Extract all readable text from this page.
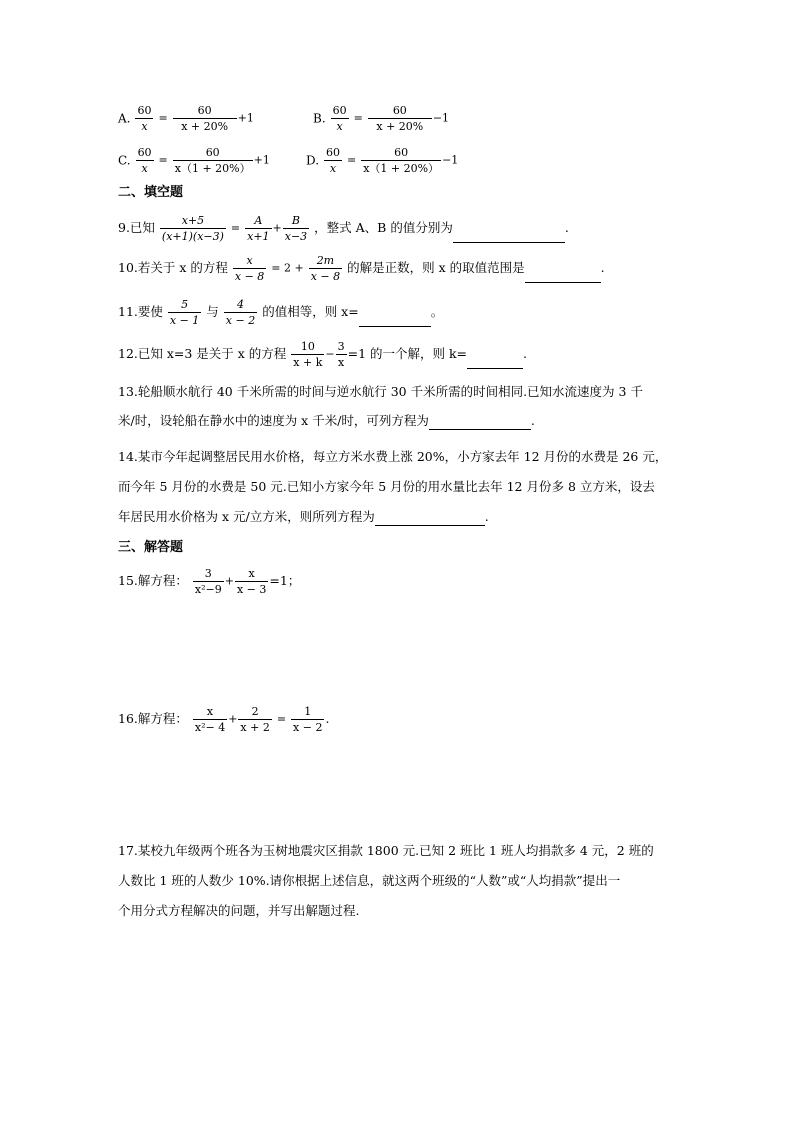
A. $\frac{60}{x} = \frac{60}{x + 20\%} +1$	B. $\frac{60}{x} = \frac{60}{x + 20\%} -1$
C. $\frac{60}{x} = \frac{60}{x(1 + 20\%)} +1$	D. $\frac{60}{x} = \frac{60}{x(1 + 20\%)} -1$
二、填空题
9.已知 $\frac{x+5}{(x+1)(x-3)} = \frac{A}{x+1} + \frac{B}{x-3}$ ，整式 A、B 的值分别为	.
10.若关于 x 的方程 $\frac{x}{x - 8} = 2 + \frac{2m}{x - 8}$ 的解是正数，则 x 的取值范围是	.
11.要使 $\frac{5}{x - 1}$ 与 $\frac{4}{x - 2}$ 的值相等，则 x=	。
12.已知 x=3 是关于 x 的方程 $\frac{10}{x + k} - \frac{3}{x} =1$ 的一个解，则 k=	.
13.轮船顺水航行 40 千米所需的时间与逆水航行 30 千米所需的时间相同.已知水流速度为 3 千
米/时，设轮船在静水中的速度为 x 千米/时，可列方程为	.
14.某市今年起调整居民用水价格，每立方米水费上涨 20%，小方家去年 12 月份的水费是 26 元，
而今年 5 月份的水费是 50 元.已知小方家今年 5 月份的用水量比去年 12 月份多 8 立方米，设去
年居民用水价格为 x 元/立方米，则所列方程为	.
三、解答题
15.解方程： $\frac{3}{\text{x²−9}} + \frac{x}{x - 3} =1$；
16.解方程： $\frac{x}{\text{x²− 4}} + \frac{2}{x + 2} = \frac{1}{x - 2}$ .
17.某校九年级两个班各为玉树地震灾区捐款 1800 元.已知 2 班比 1 班人均捐款多 4 元，2 班的
人数比 1 班的人数少 10%.请你根据上述信息，就这两个班级的“人数”或“人均捐款”提出一
个用分式方程解决的问题，并写出解题过程.
